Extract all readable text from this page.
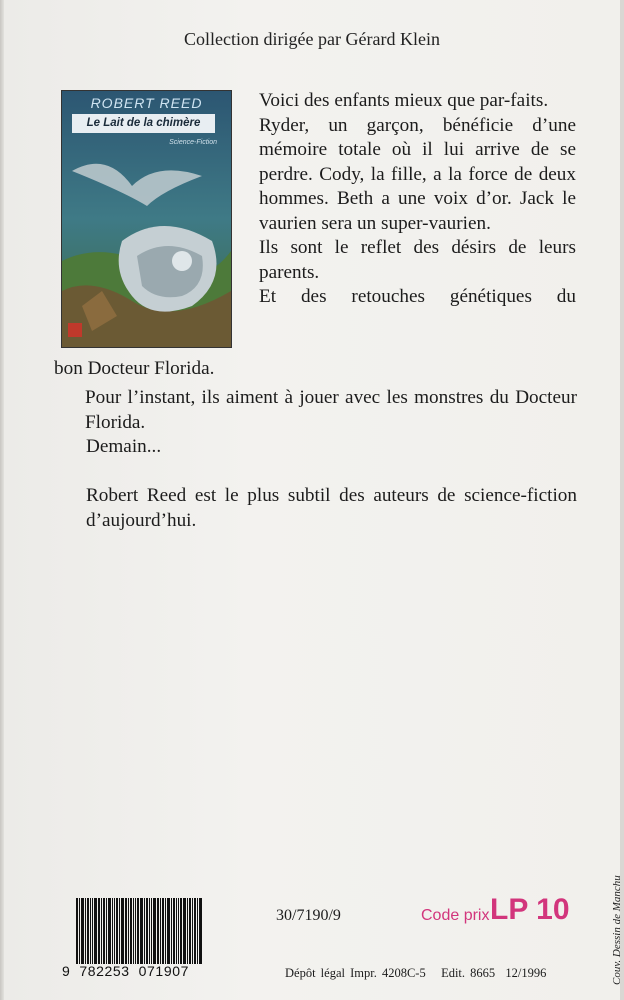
Collection dirigée par Gérard Klein
ROBERT REED
Le Lait de la chimère
Science-Fiction

Voici des enfants mieux que par-faits.

Ryder, un garçon, bénéficie d’une mémoire totale où il lui arrive de se perdre. Cody, la fille, a la force de deux hommes. Beth a une voix d’or. Jack le vaurien sera un super-vaurien.

Ils sont le reflet des désirs de leurs parents.

Et des retouches génétiques du

bon Docteur Florida.

Pour l’instant, ils aiment à jouer avec les monstres du Docteur Florida.

Demain...

Robert Reed est le plus subtil des auteurs de science-fiction d’aujourd’hui.

9  782253  071907
30/7190/9	Code prix LP 10
Dépôt légal Impr. 4208C-5   Edit. 8665  12/1996	Couv. Dessin de Manchu
